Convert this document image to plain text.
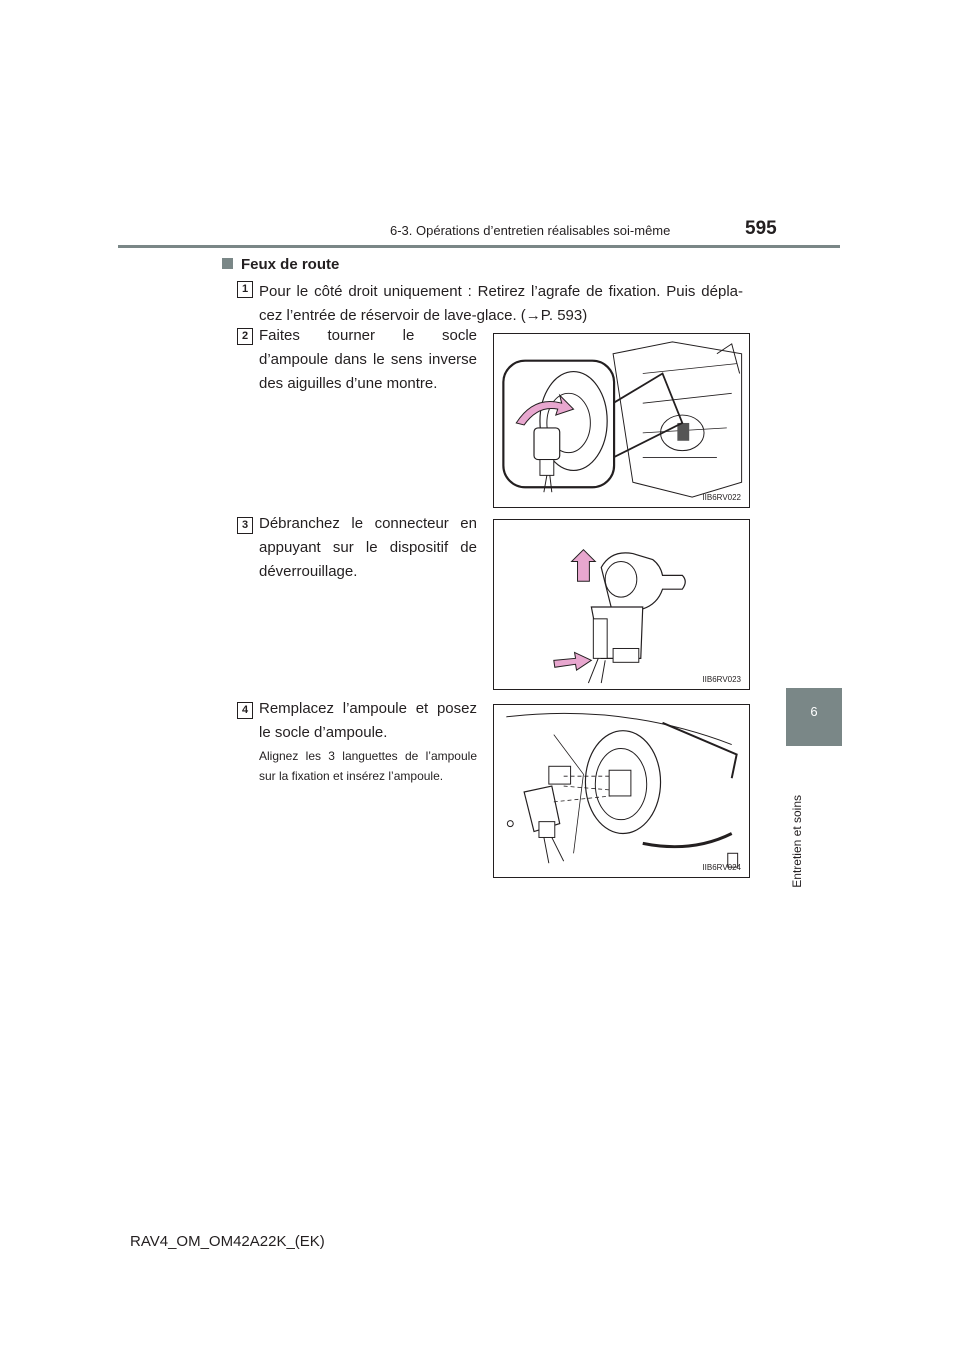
6-3. Opérations d’entretien réalisables soi-même	595
6
Entretien et soins
Feux de route
1 Pour le côté droit uniquement : Retirez l’agrafe de fixation. Puis dépla-cez l’entrée de réservoir de lave-glace. (→P. 593)
2 Faites tourner le socle d’ampoule dans le sens inverse des aiguilles d’une montre.
IIB6RV022
3 Débranchez le connecteur en appuyant sur le dispositif de déverrouillage.
IIB6RV023
4 Remplacez l’ampoule et posez le socle d’ampoule.
Alignez les 3 languettes de l’ampoule sur la fixation et insérez l’ampoule.
IIB6RV024
RAV4_OM_OM42A22K_(EK)
